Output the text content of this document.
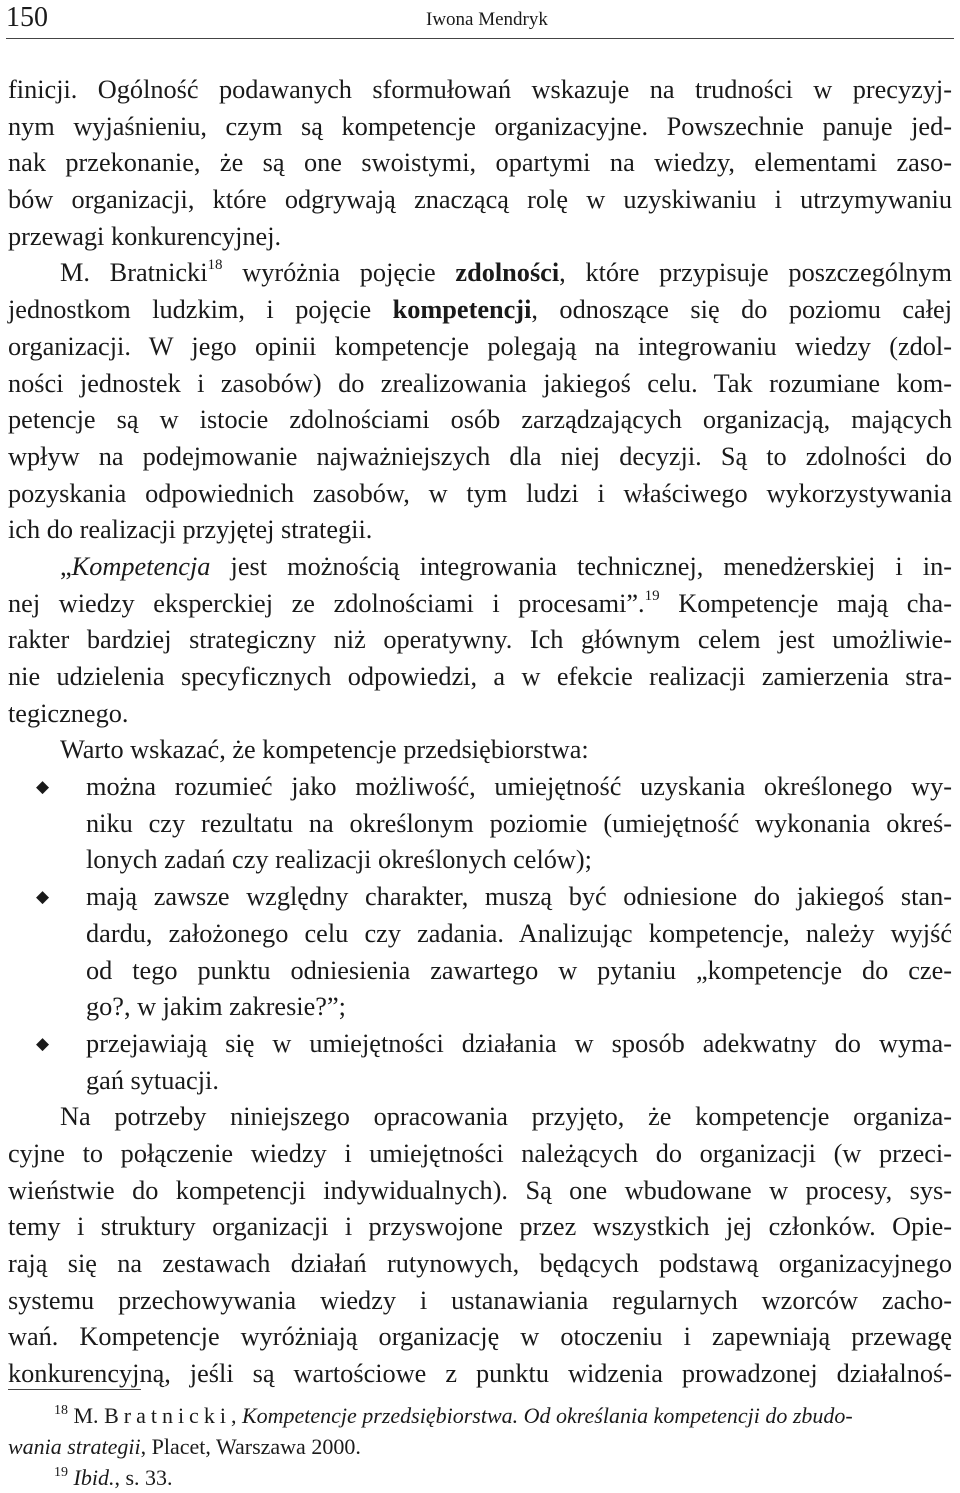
150	Iwona Mendryk
finicji. Ogólność podawanych sformułowań wskazuje na trudności w precyzyj-
nym wyjaśnieniu, czym są kompetencje organizacyjne. Powszechnie panuje jed-
nak przekonanie, że są one swoistymi, opartymi na wiedzy, elementami zaso-
bów organizacji, które odgrywają znaczącą rolę w uzyskiwaniu i utrzymywaniu
przewagi konkurencyjnej.
M. Bratnicki$^{18}$ wyróżnia pojęcie zdolności, które przypisuje poszczególnym
jednostkom ludzkim, i pojęcie kompetencji, odnoszące się do poziomu całej
organizacji. W jego opinii kompetencje polegają na integrowaniu wiedzy (zdol-
ności jednostek i zasobów) do zrealizowania jakiegoś celu. Tak rozumiane kom-
petencje są w istocie zdolnościami osób zarządzających organizacją, mających
wpływ na podejmowanie najważniejszych dla niej decyzji. Są to zdolności do
pozyskania odpowiednich zasobów, w tym ludzi i właściwego wykorzystywania
ich do realizacji przyjętej strategii.
„Kompetencja jest możnością integrowania technicznej, menedżerskiej i in-
nej wiedzy eksperckiej ze zdolnościami i procesami”.$^{19}$ Kompetencje mają cha-
rakter bardziej strategiczny niż operatywny. Ich głównym celem jest umożliwie-
nie udzielenia specyficznych odpowiedzi, a w efekcie realizacji zamierzenia stra-
tegicznego.
Warto wskazać, że kompetencje przedsiębiorstwa:
◆	można rozumieć jako możliwość, umiejętność uzyskania określonego wy-
niku czy rezultatu na określonym poziomie (umiejętność wykonania okreś-
lonych zadań czy realizacji określonych celów);
◆	mają zawsze względny charakter, muszą być odniesione do jakiegoś stan-
dardu, założonego celu czy zadania. Analizując kompetencje, należy wyjść
od tego punktu odniesienia zawartego w pytaniu „kompetencje do cze-
go?, w jakim zakresie?”;
◆	przejawiają się w umiejętności działania w sposób adekwatny do wyma-
gań sytuacji.
Na potrzeby niniejszego opracowania przyjęto, że kompetencje organiza-
cyjne to połączenie wiedzy i umiejętności należących do organizacji (w przeci-
wieństwie do kompetencji indywidualnych). Są one wbudowane w procesy, sys-
temy i struktury organizacji i przyswojone przez wszystkich jej członków. Opie-
rają się na zestawach działań rutynowych, będących podstawą organizacyjnego
systemu przechowywania wiedzy i ustanawiania regularnych wzorców zacho-
wań. Kompetencje wyróżniają organizację w otoczeniu i zapewniają przewagę
konkurencyjną, jeśli są wartościowe z punktu widzenia prowadzonej działalnoś-
$^{18}$ M. Bratnicki, Kompetencje przedsiębiorstwa. Od określania kompetencji do zbudo-
wania strategii, Placet, Warszawa 2000.
$^{19}$ Ibid., s. 33.
